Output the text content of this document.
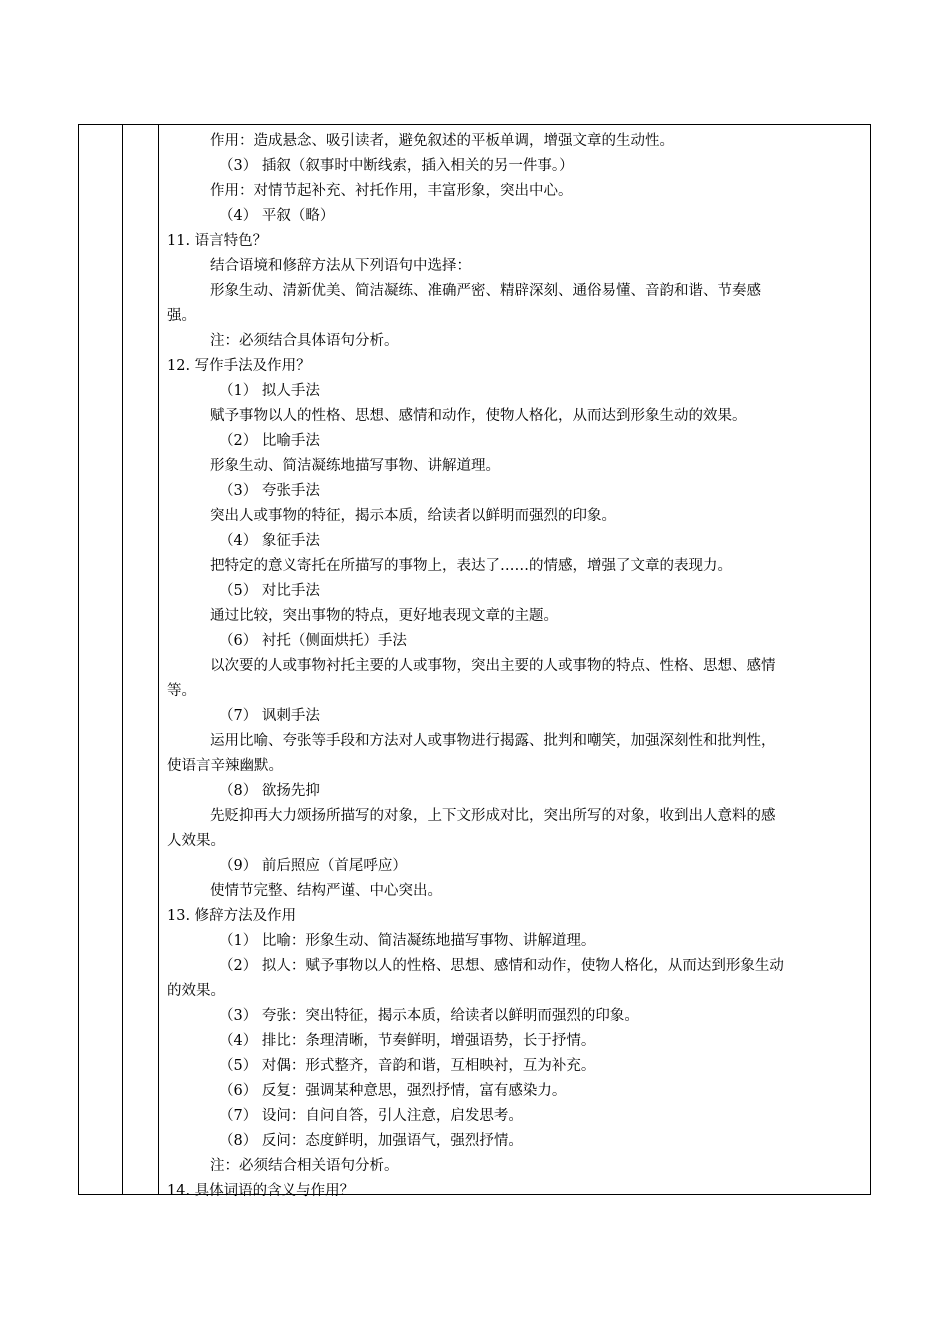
作用：造成悬念、吸引读者，避免叙述的平板单调，增强文章的生动性。
（3） 插叙（叙事时中断线索，插入相关的另一件事。）
作用：对情节起补充、衬托作用，丰富形象，突出中心。
（4） 平叙（略）
11. 语言特色？
结合语境和修辞方法从下列语句中选择：
形象生动、清新优美、简洁凝练、准确严密、精辟深刻、通俗易懂、音韵和谐、节奏感
强。
注：必须结合具体语句分析。
12. 写作手法及作用？
（1） 拟人手法
赋予事物以人的性格、思想、感情和动作，使物人格化，从而达到形象生动的效果。
（2） 比喻手法
形象生动、简洁凝练地描写事物、讲解道理。
（3） 夸张手法
突出人或事物的特征，揭示本质，给读者以鲜明而强烈的印象。
（4） 象征手法
把特定的意义寄托在所描写的事物上，表达了……的情感，增强了文章的表现力。
（5） 对比手法
通过比较，突出事物的特点，更好地表现文章的主题。
（6） 衬托（侧面烘托）手法
以次要的人或事物衬托主要的人或事物，突出主要的人或事物的特点、性格、思想、感情
等。
（7） 讽刺手法
运用比喻、夸张等手段和方法对人或事物进行揭露、批判和嘲笑，加强深刻性和批判性，
使语言辛辣幽默。
（8） 欲扬先抑
先贬抑再大力颂扬所描写的对象，上下文形成对比，突出所写的对象，收到出人意料的感
人效果。
（9） 前后照应（首尾呼应）
使情节完整、结构严谨、中心突出。
13. 修辞方法及作用
（1） 比喻：形象生动、简洁凝练地描写事物、讲解道理。
（2） 拟人：赋予事物以人的性格、思想、感情和动作，使物人格化，从而达到形象生动
的效果。
（3） 夸张：突出特征，揭示本质，给读者以鲜明而强烈的印象。
（4） 排比：条理清晰，节奏鲜明，增强语势，长于抒情。
（5） 对偶：形式整齐，音韵和谐，互相映衬，互为补充。
（6） 反复：强调某种意思，强烈抒情，富有感染力。
（7） 设问：自问自答，引人注意，启发思考。
（8） 反问：态度鲜明，加强语气，强烈抒情。
注：必须结合相关语句分析。
14. 具体词语的含义与作用？
